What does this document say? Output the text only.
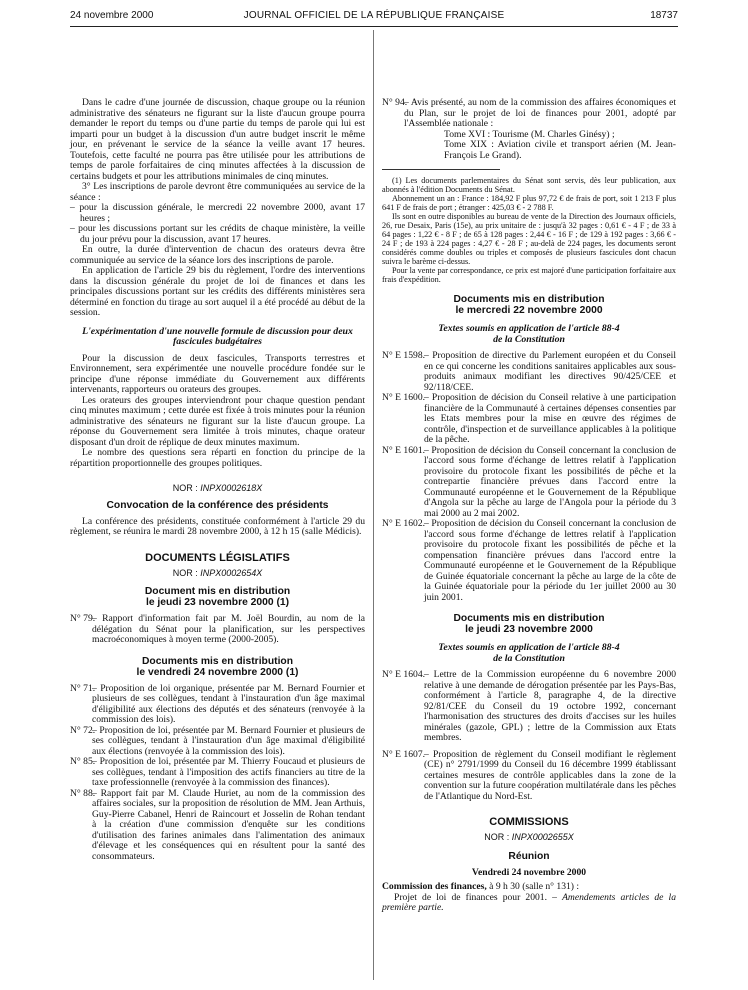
24 novembre 2000	JOURNAL OFFICIEL DE LA RÉPUBLIQUE FRANÇAISE	18737

Dans le cadre d'une journée de discussion, chaque groupe ou la réunion administrative des sénateurs ne figurant sur la liste d'aucun groupe pourra demander le report du temps ou d'une partie du temps de parole qui lui est imparti pour un budget à la discussion d'un autre budget inscrit le même jour, en prévenant le service de la séance la veille avant 17 heures. Toutefois, cette faculté ne pourra pas être utilisée pour les attributions de temps de parole forfaitaires de cinq minutes affectées à la discussion de certains budgets et pour les attributions minimales de cinq minutes.

3° Les inscriptions de parole devront être communiquées au service de la séance :

– pour la discussion générale, le mercredi 22 novembre 2000, avant 17 heures ;

– pour les discussions portant sur les crédits de chaque ministère, la veille du jour prévu pour la discussion, avant 17 heures.

En outre, la durée d'intervention de chacun des orateurs devra être communiquée au service de la séance lors des inscriptions de parole.

En application de l'article 29 bis du règlement, l'ordre des interventions dans la discussion générale du projet de loi de finances et dans les principales discussions portant sur les crédits des différents ministères sera déterminé en fonction du tirage au sort auquel il a été procédé au début de la session.

L'expérimentation d'une nouvelle formule de discussion pour deux fascicules budgétaires

Pour la discussion de deux fascicules, Transports terrestres et Environnement, sera expérimentée une nouvelle procédure fondée sur le principe d'une réponse immédiate du Gouvernement aux différents intervenants, rapporteurs ou orateurs des groupes.

Les orateurs des groupes interviendront pour chaque question pendant cinq minutes maximum ; cette durée est fixée à trois minutes pour la réunion administrative des sénateurs ne figurant sur la liste d'aucun groupe. La réponse du Gouvernement sera limitée à trois minutes, chaque orateur disposant d'un droit de réplique de deux minutes maximum.

Le nombre des questions sera réparti en fonction du principe de la répartition proportionnelle des groupes politiques.

NOR : INPX0002618X

Convocation de la conférence des présidents

La conférence des présidents, constituée conformément à l'article 29 du règlement, se réunira le mardi 28 novembre 2000, à 12 h 15 (salle Médicis).

DOCUMENTS LÉGISLATIFS

NOR : INPX0002654X

Document mis en distribution

le jeudi 23 novembre 2000 (1)

N° 79.
– Rapport d'information fait par M. Joël Bourdin, au nom de la délégation du Sénat pour la planification, sur les perspectives macroéconomiques à moyen terme (2000-2005).

Documents mis en distribution

le vendredi 24 novembre 2000 (1)

N° 71.
– Proposition de loi organique, présentée par M. Bernard Fournier et plusieurs de ses collègues, tendant à l'instauration d'un âge maximal d'éligibilité aux élections des députés et des sénateurs (renvoyée à la commission des lois).
N° 72.
– Proposition de loi, présentée par M. Bernard Fournier et plusieurs de ses collègues, tendant à l'instauration d'un âge maximal d'éligibilité aux élections (renvoyée à la commission des lois).
N° 85.
– Proposition de loi, présentée par M. Thierry Foucaud et plusieurs de ses collègues, tendant à l'imposition des actifs financiers au titre de la taxe professionnelle (renvoyée à la commission des finances).
N° 88.
– Rapport fait par M. Claude Huriet, au nom de la commission des affaires sociales, sur la proposition de résolution de MM. Jean Arthuis, Guy-Pierre Cabanel, Henri de Raincourt et Josselin de Rohan tendant à la création d'une commission d'enquête sur les conditions d'utilisation des farines animales dans l'alimentation des animaux d'élevage et les conséquences qui en résultent pour la santé des consommateurs.
N° 94.
– Avis présenté, au nom de la commission des affaires économiques et du Plan, sur le projet de loi de finances pour 2001, adopté par l'Assemblée nationale :

Tome XVI : Tourisme (M. Charles Ginésy) ;

Tome XIX : Aviation civile et transport aérien (M. Jean-François Le Grand).

(1) Les documents parlementaires du Sénat sont servis, dès leur publication, aux abonnés à l'édition Documents du Sénat.

Abonnement un an : France : 184,92 F plus 97,72 € de frais de port, soit 1 213 F plus 641 F de frais de port ; étranger : 425,03 € - 2 788 F.

Ils sont en outre disponibles au bureau de vente de la Direction des Journaux officiels, 26, rue Desaix, Paris (15e), au prix unitaire de : jusqu'à 32 pages : 0,61 € - 4 F ; de 33 à 64 pages : 1,22 € - 8 F ; de 65 à 128 pages : 2,44 € - 16 F ; de 129 à 192 pages : 3,66 € - 24 F ; de 193 à 224 pages : 4,27 € - 28 F ; au-delà de 224 pages, les documents seront considérés comme doubles ou triples et composés de plusieurs fascicules dont chacun suivra le barème ci-dessus.

Pour la vente par correspondance, ce prix est majoré d'une participation forfaitaire aux frais d'expédition.

Documents mis en distribution

le mercredi 22 novembre 2000

Textes soumis en application de l'article 88-4

de la Constitution

N° E 1598.
– Proposition de directive du Parlement européen et du Conseil en ce qui concerne les conditions sanitaires applicables aux sous-produits animaux modifiant les directives 90/425/CEE et 92/118/CEE.
N° E 1600.
– Proposition de décision du Conseil relative à une participation financière de la Communauté à certaines dépenses consenties par les Etats membres pour la mise en œuvre des régimes de contrôle, d'inspection et de surveillance applicables à la politique de la pêche.
N° E 1601.
– Proposition de décision du Conseil concernant la conclusion de l'accord sous forme d'échange de lettres relatif à l'application provisoire du protocole fixant les possibilités de pêche et la contrepartie financière prévues dans l'accord entre la Communauté européenne et le Gouvernement de la République d'Angola sur la pêche au large de l'Angola pour la période du 3 mai 2000 au 2 mai 2002.
N° E 1602.
– Proposition de décision du Conseil concernant la conclusion de l'accord sous forme d'échange de lettres relatif à l'application provisoire du protocole fixant les possibilités de pêche et la compensation financière prévues dans l'accord entre la Communauté européenne et le Gouvernement de la République de Guinée équatoriale concernant la pêche au large de la côte de la Guinée équatoriale pour la période du 1er juillet 2000 au 30 juin 2001.

Documents mis en distribution

le jeudi 23 novembre 2000

Textes soumis en application de l'article 88-4

de la Constitution

N° E 1604.
– Lettre de la Commission européenne du 6 novembre 2000 relative à une demande de dérogation présentée par les Pays-Bas, conformément à l'article 8, paragraphe 4, de la directive 92/81/CEE du Conseil du 19 octobre 1992, concernant l'harmonisation des structures des droits d'accises sur les huiles minérales (gazole, GPL) ; lettre de la Commission aux Etats membres.
N° E 1607.
– Proposition de règlement du Conseil modifiant le règlement (CE) n° 2791/1999 du Conseil du 16 décembre 1999 établissant certaines mesures de contrôle applicables dans la zone de la convention sur la future coopération multilatérale dans les pêches de l'Atlantique du Nord-Est.

COMMISSIONS

NOR : INPX0002655X

Réunion

Vendredi 24 novembre 2000

Commission des finances, à 9 h 30 (salle n° 131) :

Projet de loi de finances pour 2001. – Amendements articles de la première partie.
